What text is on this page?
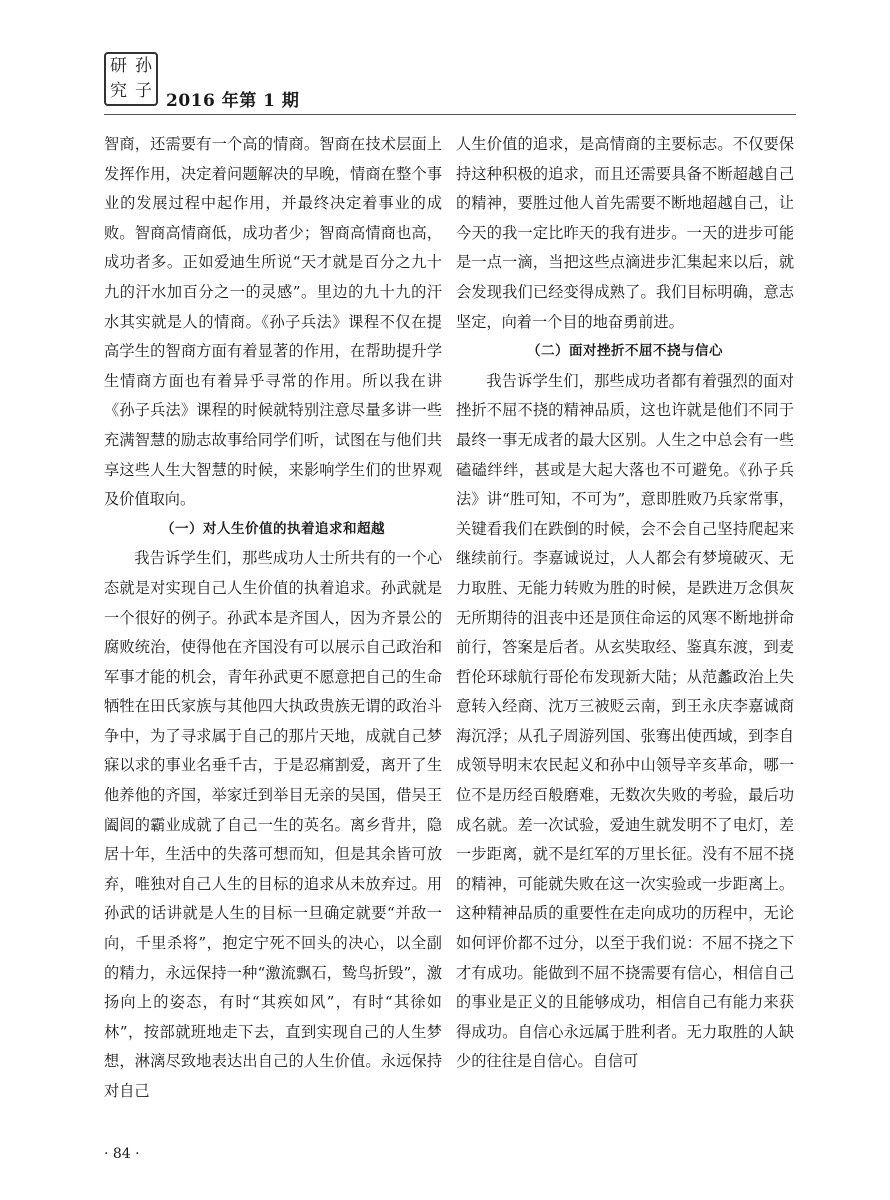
研 孙
究 子 2016 年第 1 期

智商，还需要有一个高的情商。智商在技术层面上发挥作用，决定着问题解决的早晚，情商在整个事业的发展过程中起作用，并最终决定着事业的成败。智商高情商低，成功者少；智商高情商也高，成功者多。正如爱迪生所说“天才就是百分之九十九的汗水加百分之一的灵感”。里边的九十九的汗水其实就是人的情商。《孙子兵法》课程不仅在提高学生的智商方面有着显著的作用，在帮助提升学生情商方面也有着异乎寻常的作用。所以我在讲《孙子兵法》课程的时候就特别注意尽量多讲一些充满智慧的励志故事给同学们听，试图在与他们共享这些人生大智慧的时候，来影响学生们的世界观及价值取向。

（一）对人生价值的执着追求和超越

我告诉学生们，那些成功人士所共有的一个心态就是对实现自己人生价值的执着追求。孙武就是一个很好的例子。孙武本是齐国人，因为齐景公的腐败统治，使得他在齐国没有可以展示自己政治和军事才能的机会，青年孙武更不愿意把自己的生命牺牲在田氏家族与其他四大执政贵族无谓的政治斗争中，为了寻求属于自己的那片天地，成就自己梦寐以求的事业名垂千古，于是忍痛割爱，离开了生他养他的齐国，举家迁到举目无亲的吴国，借吴王阖闾的霸业成就了自己一生的英名。离乡背井，隐居十年，生活中的失落可想而知，但是其余皆可放弃，唯独对自己人生的目标的追求从未放弃过。用孙武的话讲就是人生的目标一旦确定就要“并敌一向，千里杀将”，抱定宁死不回头的决心，以全副的精力，永远保持一种“激流飘石，鸷鸟折毁”，激扬向上的姿态，有时“其疾如风”，有时“其徐如林”，按部就班地走下去，直到实现自己的人生梦想，淋漓尽致地表达出自己的人生价值。永远保持对自己

人生价值的追求，是高情商的主要标志。不仅要保持这种积极的追求，而且还需要具备不断超越自己的精神，要胜过他人首先需要不断地超越自己，让今天的我一定比昨天的我有进步。一天的进步可能是一点一滴，当把这些点滴进步汇集起来以后，就会发现我们已经变得成熟了。我们目标明确，意志坚定，向着一个目的地奋勇前进。

（二）面对挫折不屈不挠与信心

我告诉学生们，那些成功者都有着强烈的面对挫折不屈不挠的精神品质，这也许就是他们不同于最终一事无成者的最大区别。人生之中总会有一些磕磕绊绊，甚或是大起大落也不可避免。《孙子兵法》讲“胜可知，不可为”，意即胜败乃兵家常事，关键看我们在跌倒的时候，会不会自己坚持爬起来继续前行。李嘉诚说过，人人都会有梦境破灭、无力取胜、无能力转败为胜的时候，是跌进万念俱灰无所期待的沮丧中还是顶住命运的风寒不断地拼命前行，答案是后者。从玄奘取经、鉴真东渡，到麦哲伦环球航行哥伦布发现新大陆；从范蠡政治上失意转入经商、沈万三被贬云南，到王永庆李嘉诚商海沉浮；从孔子周游列国、张骞出使西域，到李自成领导明末农民起义和孙中山领导辛亥革命，哪一位不是历经百般磨难，无数次失败的考验，最后功成名就。差一次试验，爱迪生就发明不了电灯，差一步距离，就不是红军的万里长征。没有不屈不挠的精神，可能就失败在这一次实验或一步距离上。这种精神品质的重要性在走向成功的历程中，无论如何评价都不过分，以至于我们说：不屈不挠之下才有成功。能做到不屈不挠需要有信心，相信自己的事业是正义的且能够成功，相信自己有能力来获得成功。自信心永远属于胜利者。无力取胜的人缺少的往往是自信心。自信可

· 84 ·
